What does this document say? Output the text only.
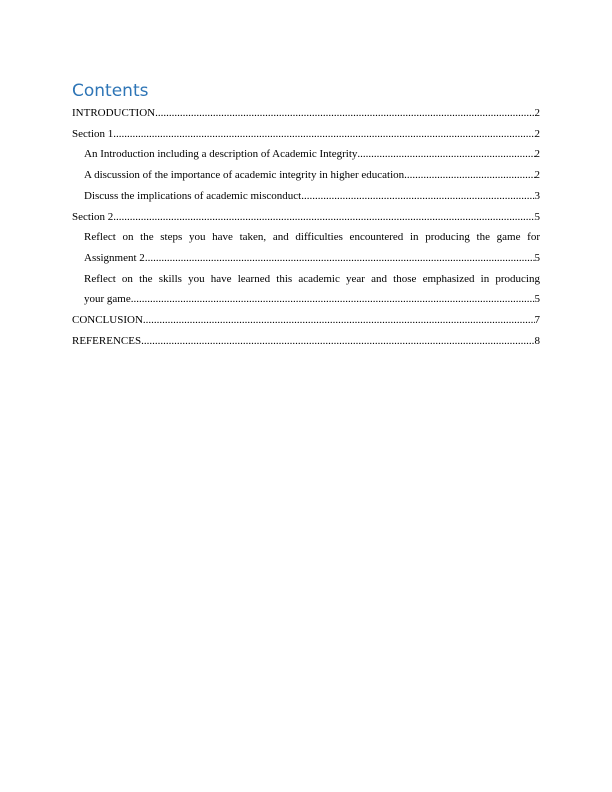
Contents
INTRODUCTION .....	2
Section 1 .....	2
An Introduction including a description of Academic Integrity .....	2
A discussion of the importance of academic integrity in higher education .....	2
Discuss the implications of academic misconduct .....	3
Section 2 .....	5
Reflect on the steps you have taken, and difficulties encountered in producing the game for
Assignment 2 .....	5
Reflect on the skills you have learned this academic year and those emphasized in producing
your game .....	5
CONCLUSION .....	7
REFERENCES .....	8
